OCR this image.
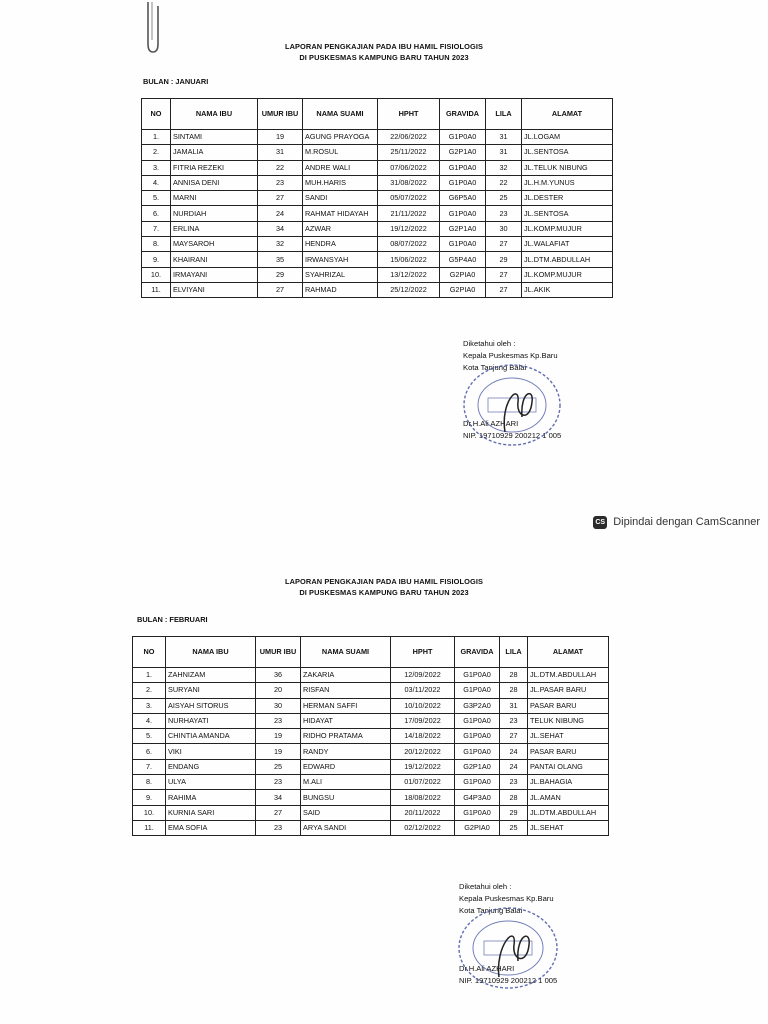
LAPORAN PENGKAJIAN PADA IBU HAMIL FISIOLOGIS
DI PUSKESMAS KAMPUNG BARU TAHUN 2023
BULAN : JANUARI
NO	NAMA IBU	UMUR IBU	NAMA SUAMI	HPHT	GRAVIDA	LILA	ALAMAT
1.	SINTAMI	19	AGUNG PRAYOGA	22/06/2022	G1P0A0	31	JL.LOGAM
2.	JAMALIA	31	M.ROSUL	25/11/2022	G2P1A0	31	JL.SENTOSA
3.	FITRIA REZEKI	22	ANDRE WALI	07/06/2022	G1P0A0	32	JL.TELUK NIBUNG
4.	ANNISA DENI	23	MUH.HARIS	31/08/2022	G1P0A0	22	JL.H.M.YUNUS
5.	MARNI	27	SANDI	05/07/2022	G6P5A0	25	JL.DESTER
6.	NURDIAH	24	RAHMAT HIDAYAH	21/11/2022	G1P0A0	23	JL.SENTOSA
7.	ERLINA	34	AZWAR	19/12/2022	G2P1A0	30	JL.KOMP.MUJUR
8.	MAYSAROH	32	HENDRA	08/07/2022	G1P0A0	27	JL.WALAFIAT
9.	KHAIRANI	35	IRWANSYAH	15/06/2022	G5P4A0	29	JL.DTM.ABDULLAH
10.	IRMAYANI	29	SYAHRIZAL	13/12/2022	G2PIA0	27	JL.KOMP.MUJUR
11.	ELVIYANI	27	RAHMAD	25/12/2022	G2PIA0	27	JL.AKIK
Diketahui oleh :
Kepala Puskesmas Kp.Baru
Kota Tanjung Balai
Dr.H.Ali AZHARI
NIP. 19710929 200212 1 005
CS Dipindai dengan CamScanner
LAPORAN PENGKAJIAN PADA IBU HAMIL FISIOLOGIS
DI PUSKESMAS KAMPUNG BARU TAHUN 2023
BULAN : FEBRUARI
NO	NAMA IBU	UMUR IBU	NAMA SUAMI	HPHT	GRAVIDA	LILA	ALAMAT
1.	ZAHNIZAM	36	ZAKARIA	12/09/2022	G1P0A0	28	JL.DTM.ABDULLAH
2.	SURYANI	20	RISFAN	03/11/2022	G1P0A0	28	JL.PASAR BARU
3.	AISYAH SITORUS	30	HERMAN SAFFI	10/10/2022	G3P2A0	31	PASAR BARU
4.	NURHAYATI	23	HIDAYAT	17/09/2022	G1P0A0	23	TELUK NIBUNG
5.	CHINTIA AMANDA	19	RIDHO PRATAMA	14/18/2022	G1P0A0	27	JL.SEHAT
6.	VIKI	19	RANDY	20/12/2022	G1P0A0	24	PASAR BARU
7.	ENDANG	25	EDWARD	19/12/2022	G2P1A0	24	PANTAI OLANG
8.	ULYA	23	M.ALI	01/07/2022	G1P0A0	23	JL.BAHAGIA
9.	RAHIMA	34	BUNGSU	18/08/2022	G4P3A0	28	JL.AMAN
10.	KURNIA SARI	27	SAID	20/11/2022	G1P0A0	29	JL.DTM.ABDULLAH
11.	EMA SOFIA	23	ARYA SANDI	02/12/2022	G2PIA0	25	JL.SEHAT
Diketahui oleh :
Kepala Puskesmas Kp.Baru
Kota Tanjung Balai
Dr.H.Ali AZHARI
NIP. 19710929 200212 1 005
